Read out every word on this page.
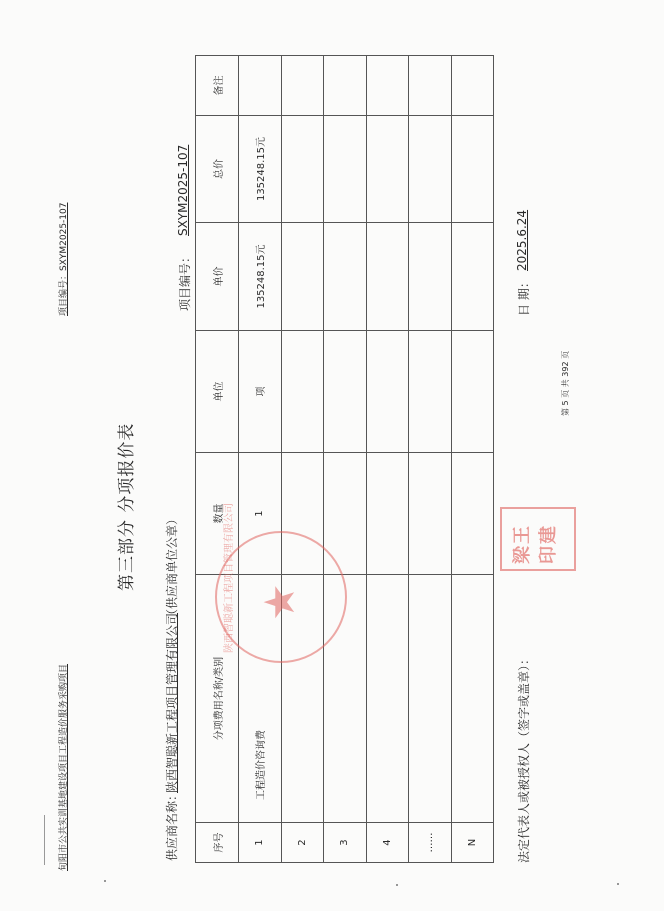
旬阳市公共实训基地建设项目工程造价服务采购项目
项目编号：SXYM2025-107
第三部分 分项报价表
项目编号：
SXYM2025-107
供应商名称：
陕西智聪新工程项目管理有限公司
（供应商单位公章）
序号	分项费用名称/类别	数量	单位	单价	总价	备注
1	工程造价咨询费	1	项	135248.15元	135248.15元	
2						
3						
4						
……						
N						
★
陕西智聪新工程项目管理有限公司
法定代表人或被授权人（签字或盖章）：
梁王印建
日 期：
2025.6.24
第 5 页 共 392 页
